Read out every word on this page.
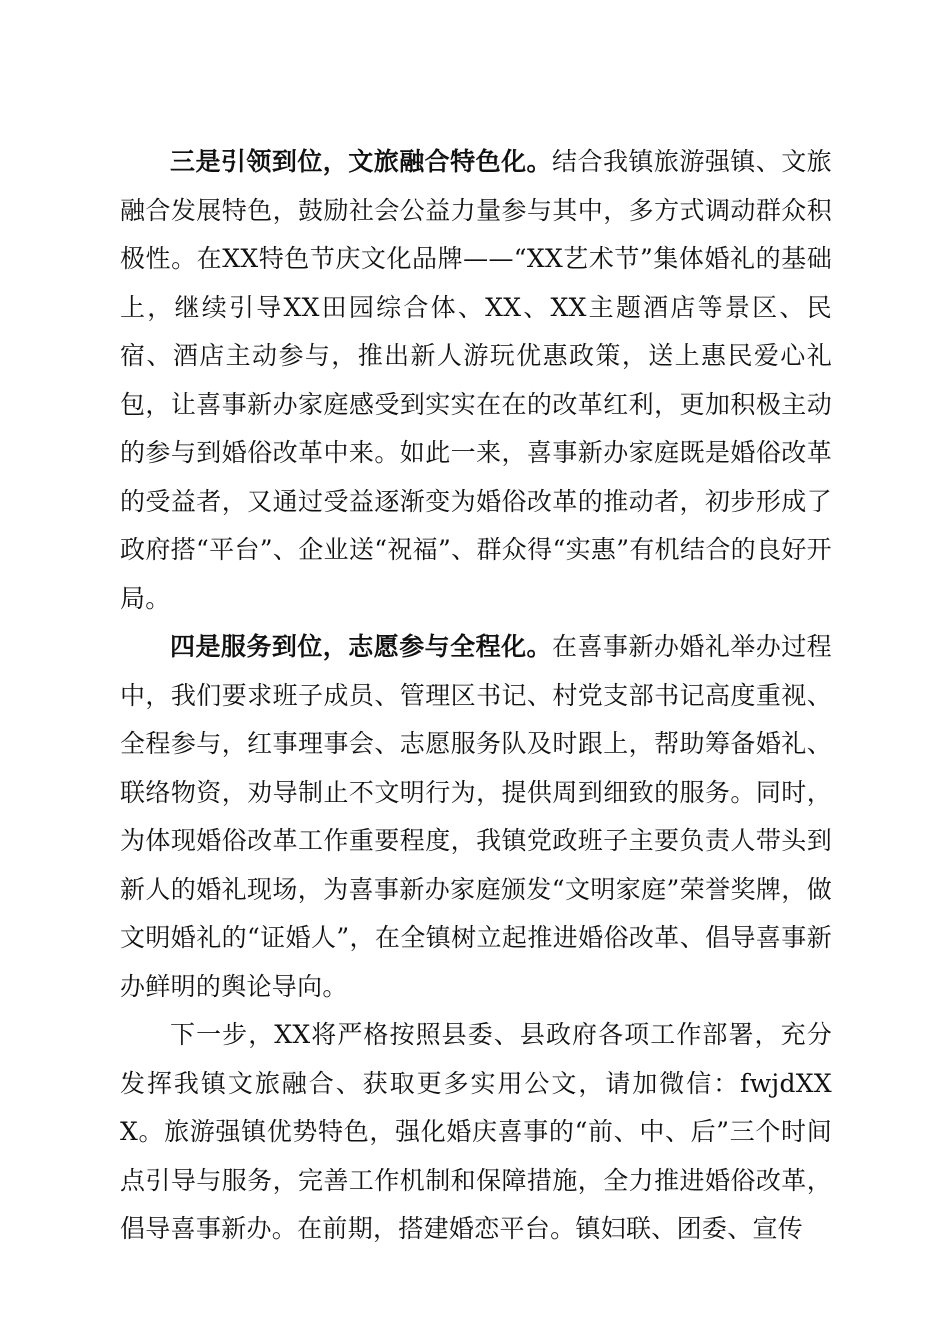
三是引领到位，文旅融合特色化。结合我镇旅游强镇、文旅融合发展特色，鼓励社会公益力量参与其中，多方式调动群众积极性。在XX特色节庆文化品牌——“XX艺术节”集体婚礼的基础上，继续引导XX田园综合体、XX、XX主题酒店等景区、民宿、酒店主动参与，推出新人游玩优惠政策，送上惠民爱心礼包，让喜事新办家庭感受到实实在在的改革红利，更加积极主动的参与到婚俗改革中来。如此一来，喜事新办家庭既是婚俗改革的受益者，又通过受益逐渐变为婚俗改革的推动者，初步形成了政府搭“平台”、企业送“祝福”、群众得“实惠”有机结合的良好开局。

四是服务到位，志愿参与全程化。在喜事新办婚礼举办过程中，我们要求班子成员、管理区书记、村党支部书记高度重视、全程参与，红事理事会、志愿服务队及时跟上，帮助筹备婚礼、联络物资，劝导制止不文明行为，提供周到细致的服务。同时，为体现婚俗改革工作重要程度，我镇党政班子主要负责人带头到新人的婚礼现场，为喜事新办家庭颁发“文明家庭”荣誉奖牌，做文明婚礼的“证婚人”，在全镇树立起推进婚俗改革、倡导喜事新办鲜明的舆论导向。

下一步，XX将严格按照县委、县政府各项工作部署，充分发挥我镇文旅融合、获取更多实用公文，请加微信：fwjdXXX。旅游强镇优势特色，强化婚庆喜事的“前、中、后”三个时间点引导与服务，完善工作机制和保障措施，全力推进婚俗改革，倡导喜事新办。在前期，搭建婚恋平台。镇妇联、团委、宣传
